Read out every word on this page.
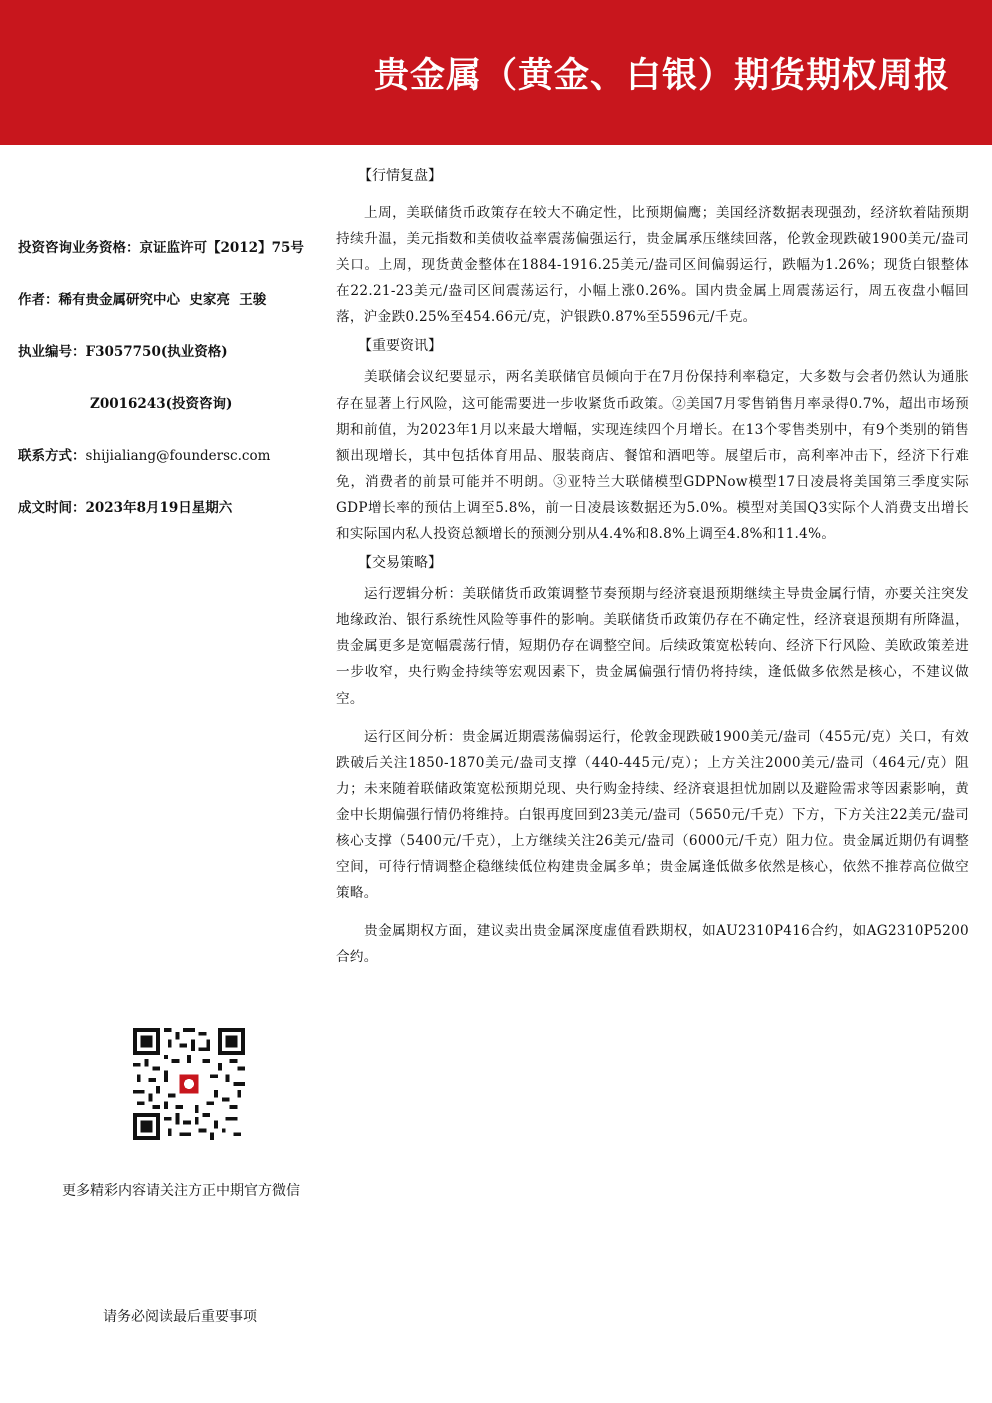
贵金属（黄金、白银）期货期权周报
投资咨询业务资格：京证监许可【2012】75号
作者：稀有贵金属研究中心  史家亮  王骏
执业编号：F3057750(执业资格)
Z0016243(投资咨询)
联系方式：shijialiang@foundersc.com
成文时间：2023年8月19日星期六
更多精彩内容请关注方正中期官方微信
请务必阅读最后重要事项

【行情复盘】

上周，美联储货币政策存在较大不确定性，比预期偏鹰；美国经济数据表现强劲，经济软着陆预期持续升温，美元指数和美债收益率震荡偏强运行，贵金属承压继续回落，伦敦金现跌破1900美元/盎司关口。上周，现货黄金整体在1884-1916.25美元/盎司区间偏弱运行，跌幅为1.26%；现货白银整体在22.21-23美元/盎司区间震荡运行，小幅上涨0.26%。国内贵金属上周震荡运行，周五夜盘小幅回落，沪金跌0.25%至454.66元/克，沪银跌0.87%至5596元/千克。

【重要资讯】

美联储会议纪要显示，两名美联储官员倾向于在7月份保持利率稳定，大多数与会者仍然认为通胀存在显著上行风险，这可能需要进一步收紧货币政策。②美国7月零售销售月率录得0.7%，超出市场预期和前值，为2023年1月以来最大增幅，实现连续四个月增长。在13个零售类别中，有9个类别的销售额出现增长，其中包括体育用品、服装商店、餐馆和酒吧等。展望后市，高利率冲击下，经济下行难免，消费者的前景可能并不明朗。③亚特兰大联储模型GDPNow模型17日凌晨将美国第三季度实际GDP增长率的预估上调至5.8%，前一日凌晨该数据还为5.0%。模型对美国Q3实际个人消费支出增长和实际国内私人投资总额增长的预测分别从4.4%和8.8%上调至4.8%和11.4%。

【交易策略】

运行逻辑分析：美联储货币政策调整节奏预期与经济衰退预期继续主导贵金属行情，亦要关注突发地缘政治、银行系统性风险等事件的影响。美联储货币政策仍存在不确定性，经济衰退预期有所降温，贵金属更多是宽幅震荡行情，短期仍存在调整空间。后续政策宽松转向、经济下行风险、美欧政策差进一步收窄，央行购金持续等宏观因素下，贵金属偏强行情仍将持续，逢低做多依然是核心，不建议做空。

运行区间分析：贵金属近期震荡偏弱运行，伦敦金现跌破1900美元/盎司（455元/克）关口，有效跌破后关注1850-1870美元/盎司支撑（440-445元/克）；上方关注2000美元/盎司（464元/克）阻力；未来随着联储政策宽松预期兑现、央行购金持续、经济衰退担忧加剧以及避险需求等因素影响，黄金中长期偏强行情仍将维持。白银再度回到23美元/盎司（5650元/千克）下方，下方关注22美元/盎司核心支撑（5400元/千克），上方继续关注26美元/盎司（6000元/千克）阻力位。贵金属近期仍有调整空间，可待行情调整企稳继续低位构建贵金属多单；贵金属逢低做多依然是核心，依然不推荐高位做空策略。

贵金属期权方面，建议卖出贵金属深度虚值看跌期权，如AU2310P416合约，如AG2310P5200合约。
